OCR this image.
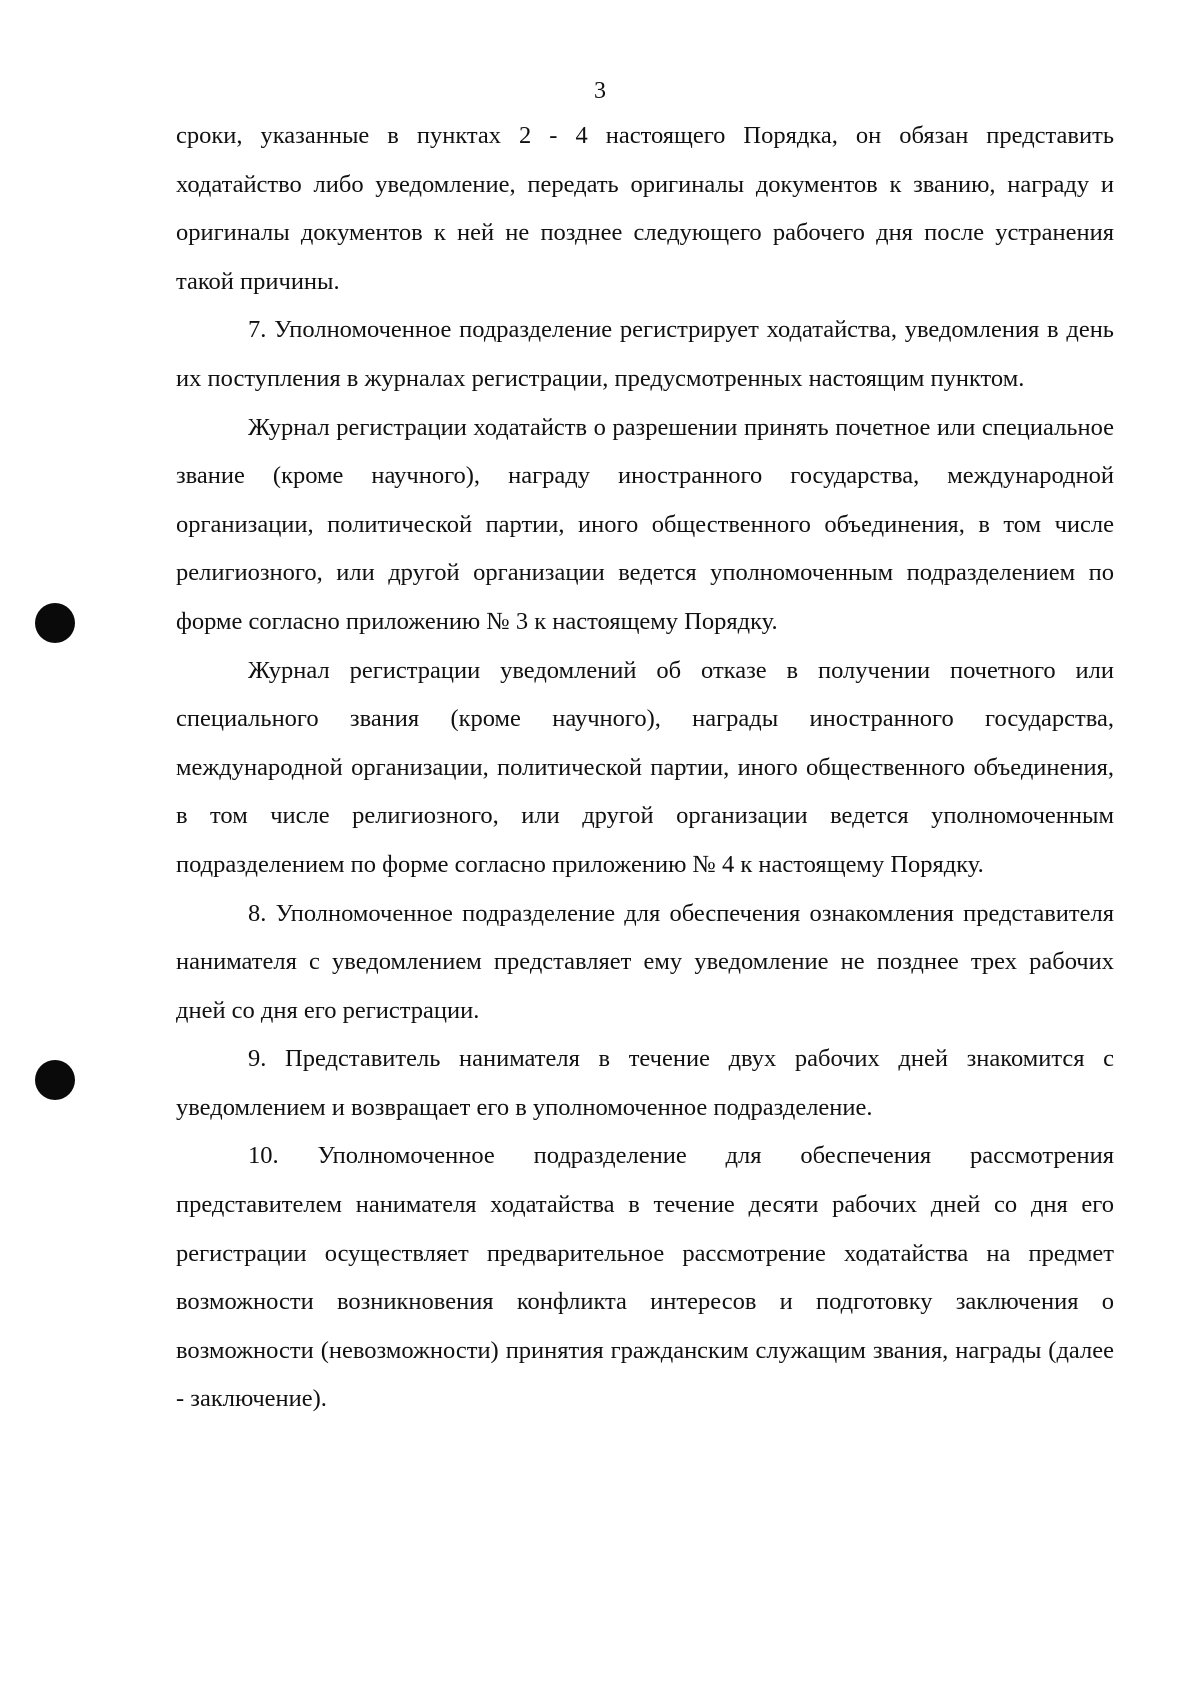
3

сроки, указанные в пунктах 2 - 4 настоящего Порядка, он обязан представить ходатайство либо уведомление, передать оригиналы документов к званию, награду и оригиналы документов к ней не позднее следующего рабочего дня после устранения такой причины.

7. Уполномоченное подразделение регистрирует ходатайства, уведомления в день их поступления в журналах регистрации, предусмотренных настоящим пунктом.

Журнал регистрации ходатайств о разрешении принять почетное или специальное звание (кроме научного), награду иностранного государства, международной организации, политической партии, иного общественного объединения, в том числе религиозного, или другой организации ведется уполномоченным подразделением по форме согласно приложению № 3 к настоящему Порядку.

Журнал регистрации уведомлений об отказе в получении почетного или специального звания (кроме научного), награды иностранного государства, международной организации, политической партии, иного общественного объединения, в том числе религиозного, или другой организации ведется уполномоченным подразделением по форме согласно приложению № 4 к настоящему Порядку.

8. Уполномоченное подразделение для обеспечения ознакомления представителя нанимателя с уведомлением представляет ему уведомление не позднее трех рабочих дней со дня его регистрации.

9. Представитель нанимателя в течение двух рабочих дней знакомится с уведомлением и возвращает его в уполномоченное подразделение.

10. Уполномоченное подразделение для обеспечения рассмотрения представителем нанимателя ходатайства в течение десяти рабочих дней со дня его регистрации осуществляет предварительное рассмотрение ходатайства на предмет возможности возникновения конфликта интересов и подготовку заключения о возможности (невозможности) принятия гражданским служащим звания, награды (далее - заключение).
